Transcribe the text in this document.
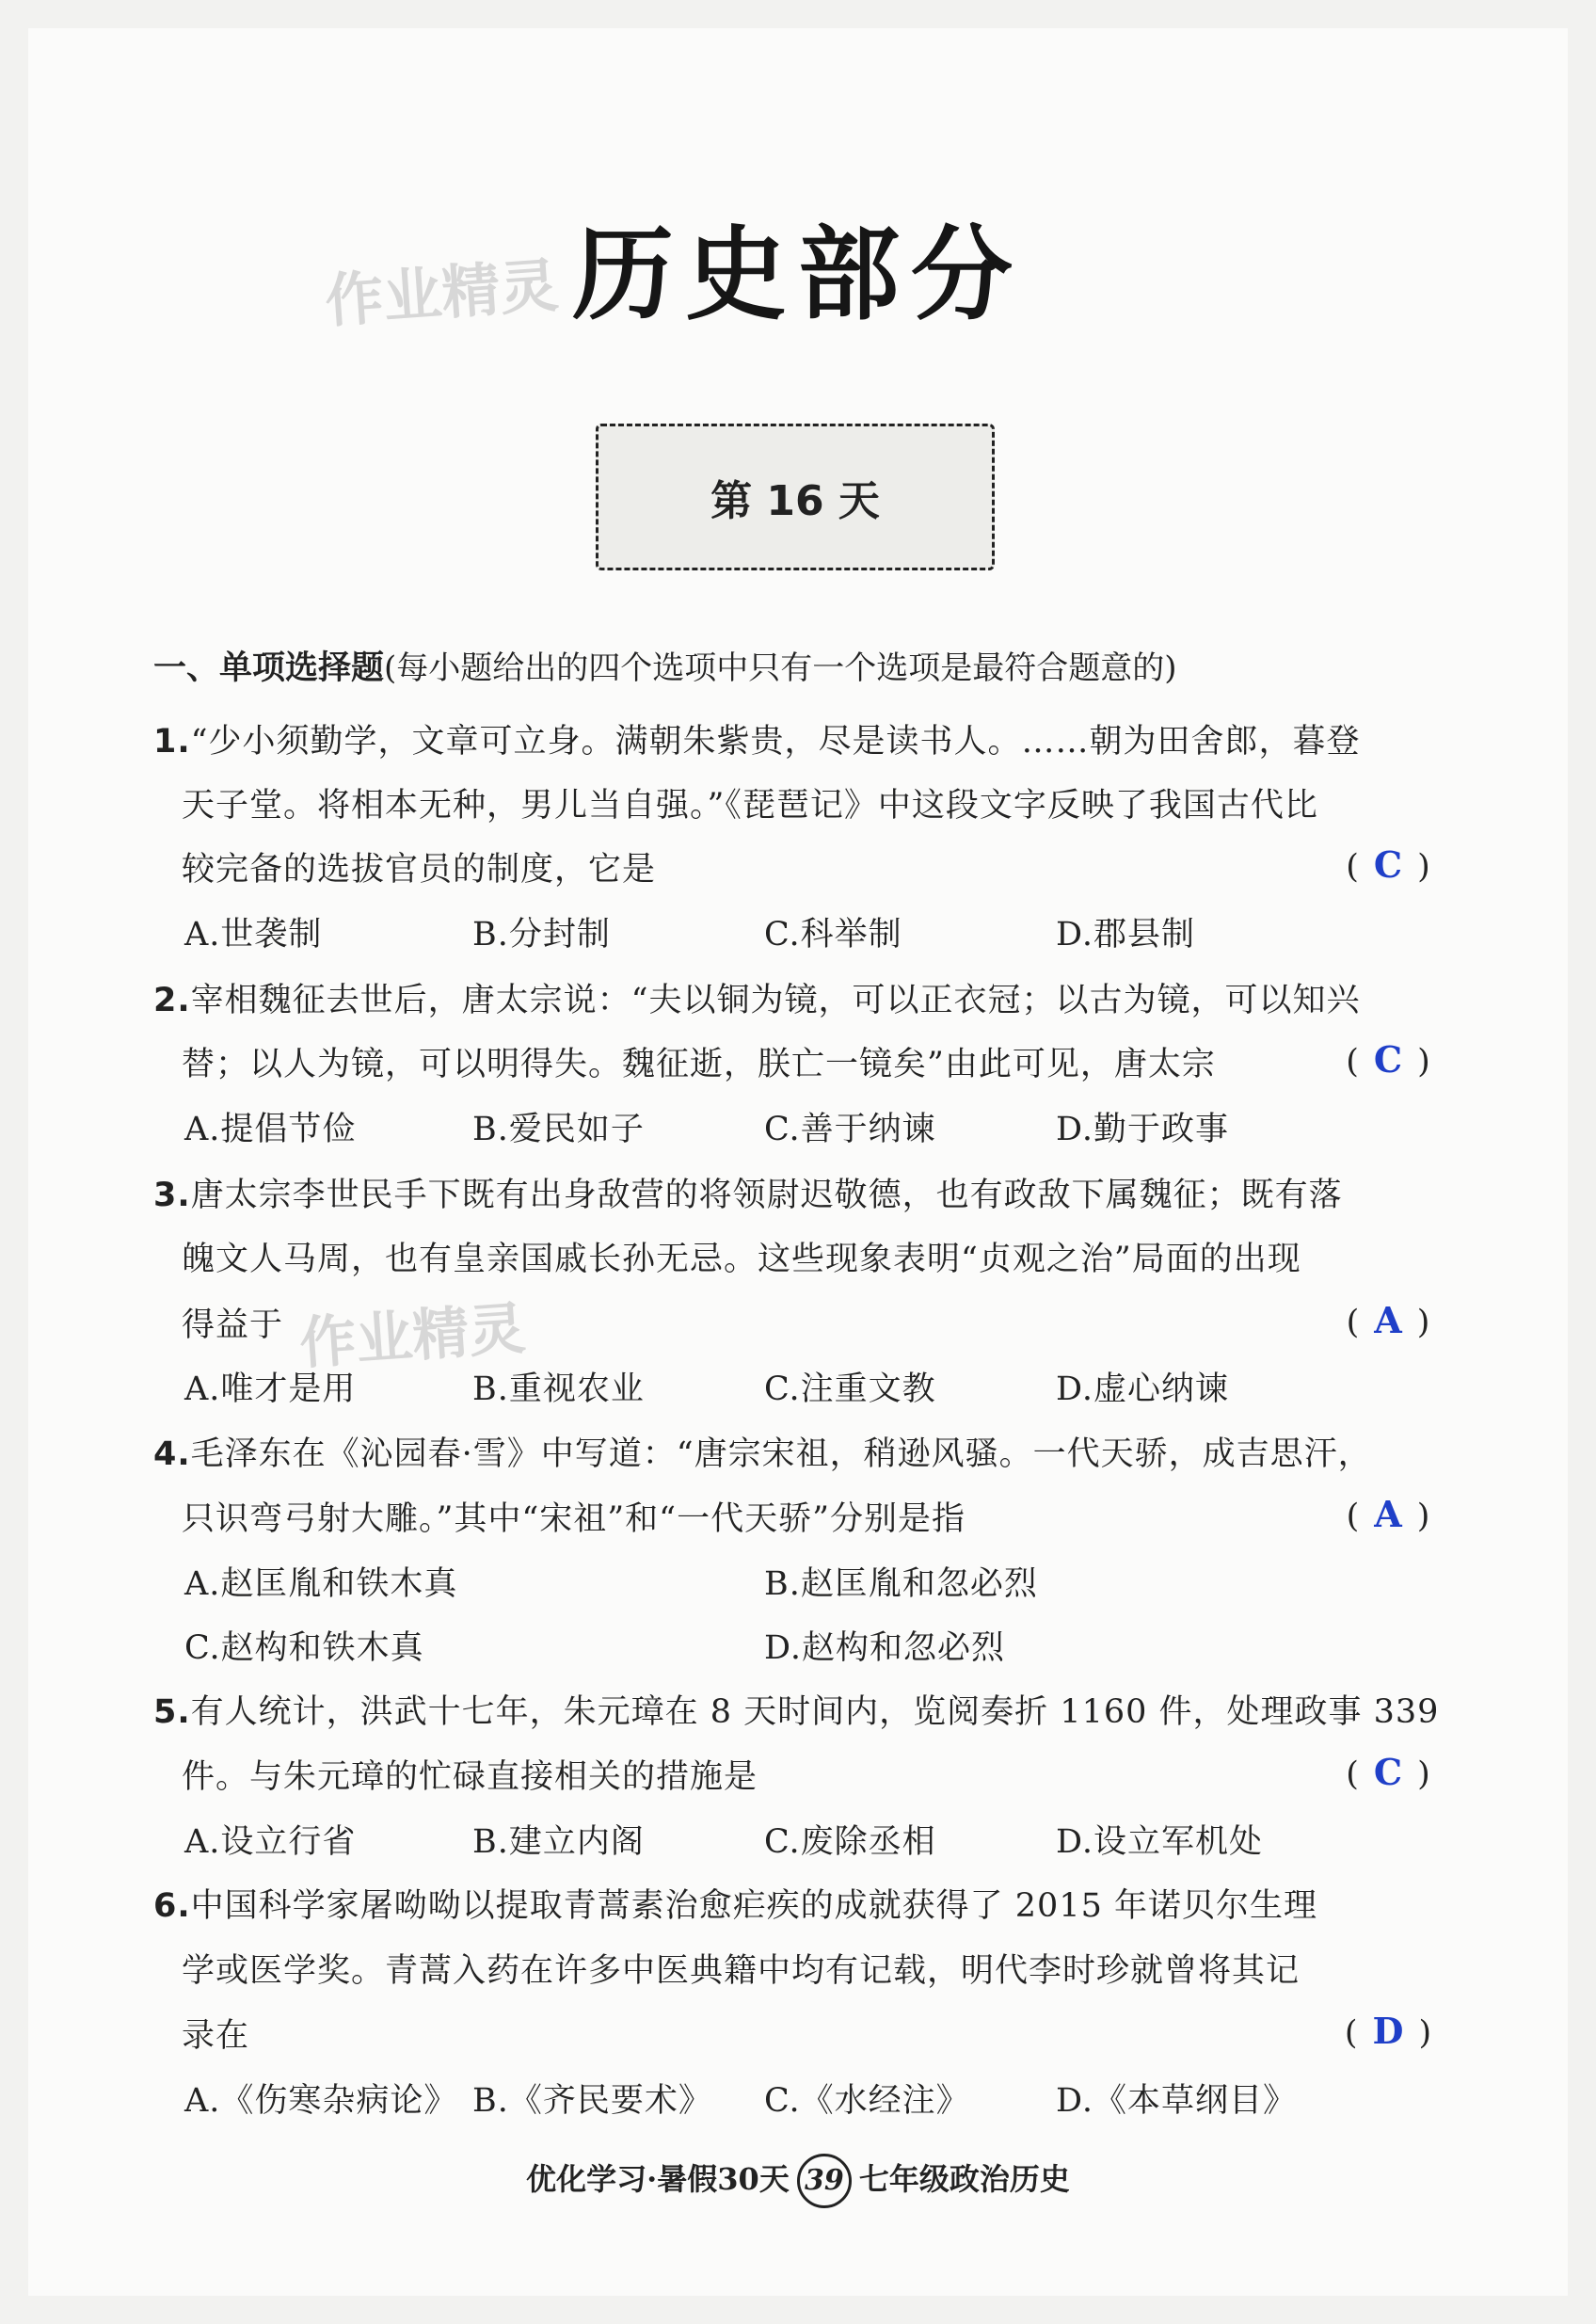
作业精灵 历史部分
第 16 天
一、单项选择题(每小题给出的四个选项中只有一个选项是最符合题意的)
1.“少小须勤学，文章可立身。满朝朱紫贵，尽是读书人。……朝为田舍郎，暮登
天子堂。将相本无种，男儿当自强。”《琵琶记》中这段文字反映了我国古代比
较完备的选拔官员的制度，它是	( C )
A.世袭制	B.分封制	C.科举制	D.郡县制
2.宰相魏征去世后，唐太宗说：“夫以铜为镜，可以正衣冠；以古为镜，可以知兴
替；以人为镜，可以明得失。魏征逝，朕亡一镜矣”由此可见，唐太宗	( C )
A.提倡节俭	B.爱民如子	C.善于纳谏	D.勤于政事
3.唐太宗李世民手下既有出身敌营的将领尉迟敬德，也有政敌下属魏征；既有落
魄文人马周，也有皇亲国戚长孙无忌。这些现象表明“贞观之治”局面的出现
得益于 作业精灵	( A )
A.唯才是用	B.重视农业	C.注重文教	D.虚心纳谏
4.毛泽东在《沁园春·雪》中写道：“唐宗宋祖，稍逊风骚。一代天骄，成吉思汗，
只识弯弓射大雕。”其中“宋祖”和“一代天骄”分别是指	( A )
A.赵匡胤和铁木真	B.赵匡胤和忽必烈
C.赵构和铁木真	D.赵构和忽必烈
5.有人统计，洪武十七年，朱元璋在 8 天时间内，览阅奏折 1160 件，处理政事 339
件。与朱元璋的忙碌直接相关的措施是	( C )
A.设立行省	B.建立内阁	C.废除丞相	D.设立军机处
6.中国科学家屠呦呦以提取青蒿素治愈疟疾的成就获得了 2015 年诺贝尔生理
学或医学奖。青蒿入药在许多中医典籍中均有记载，明代李时珍就曾将其记
录在	( D )
A.《伤寒杂病论》 B.《齐民要术》 C.《水经注》	D.《本草纲目》
优化学习·暑假30天 39 七年级政治历史
